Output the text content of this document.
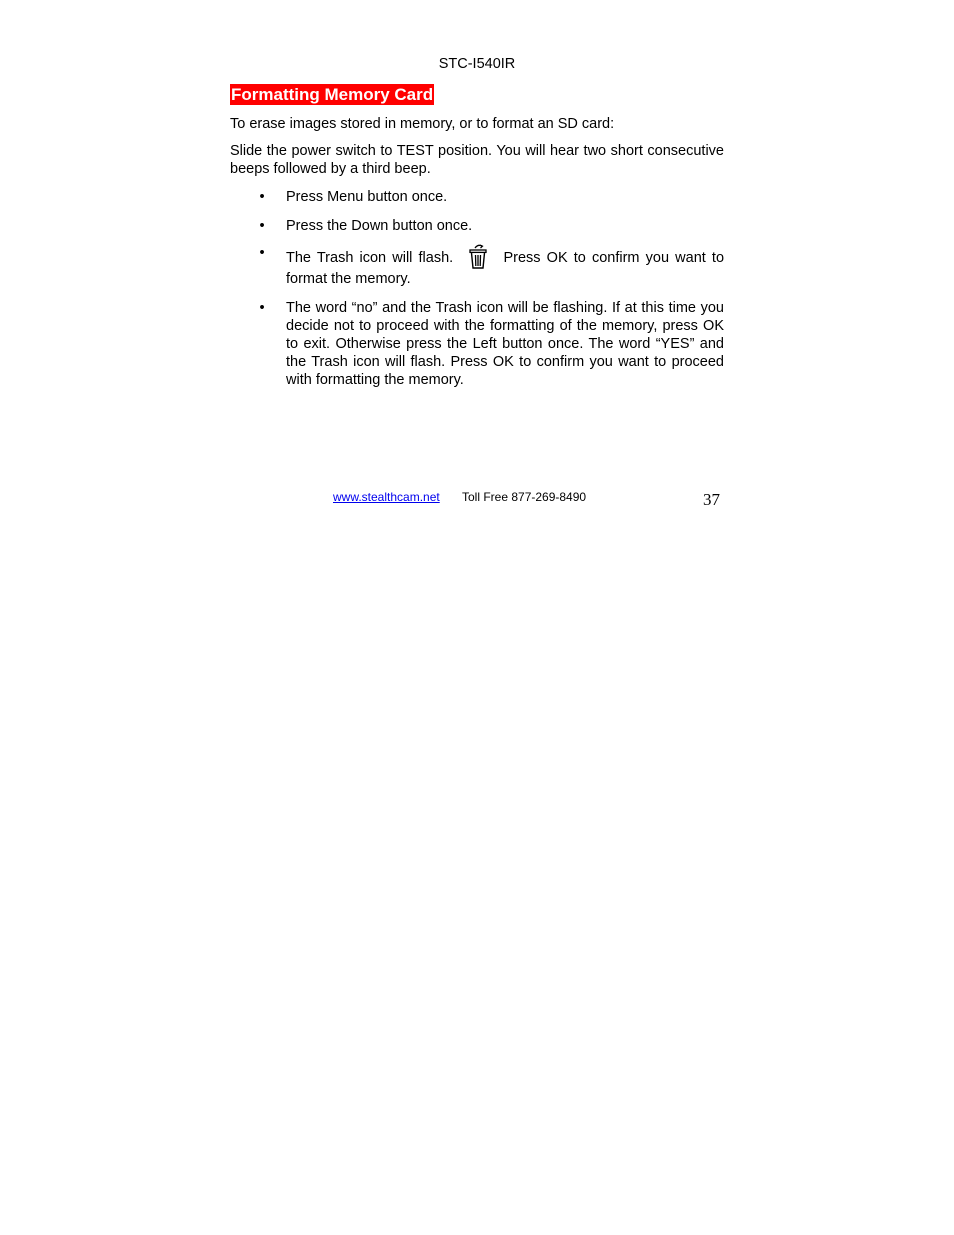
STC-I540IR
Formatting Memory Card
To erase images stored in memory, or to format an SD card:
Slide the power switch to TEST position. You will hear two short consecutive beeps followed by a third beep.
• Press Menu button once.
• Press the Down button once.
• The Trash icon will flash.	Press OK to confirm you want to format the memory.
• The word “no” and the Trash icon will be flashing. If at this time you decide not to proceed with the formatting of the memory, press OK to exit. Otherwise press the Left button once. The word “YES” and the Trash icon will flash. Press OK to confirm you want to proceed with formatting the memory.
www.stealthcam.net Toll Free 877-269-8490	37
